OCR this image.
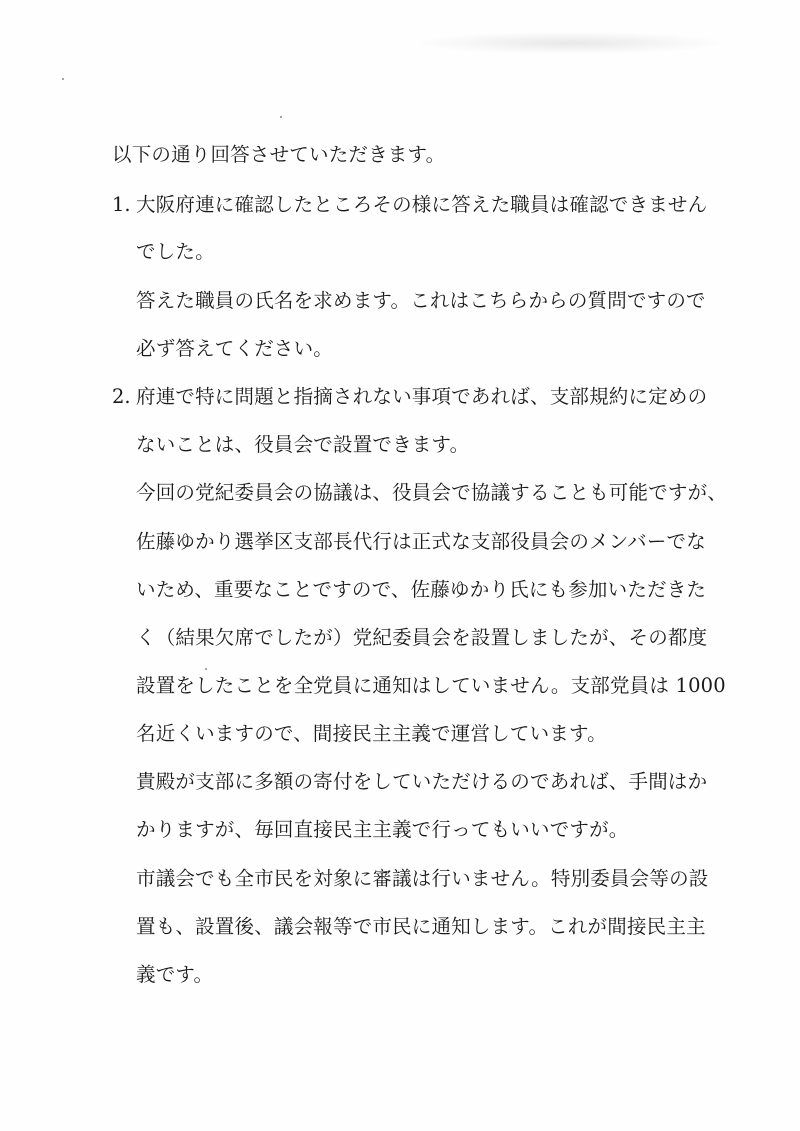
以下の通り回答させていただきます。
1. 大阪府連に確認したところその様に答えた職員は確認できません
でした。
答えた職員の氏名を求めます。これはこちらからの質問ですので
必ず答えてください。
2. 府連で特に問題と指摘されない事項であれば、支部規約に定めの
ないことは、役員会で設置できます。
今回の党紀委員会の協議は、役員会で協議することも可能ですが、
佐藤ゆかり選挙区支部長代行は正式な支部役員会のメンバーでな
いため、重要なことですので、佐藤ゆかり氏にも参加いただきた
く（結果欠席でしたが）党紀委員会を設置しましたが、その都度
設置をしたことを全党員に通知はしていません。支部党員は 1000
名近くいますので、間接民主主義で運営しています。
貴殿が支部に多額の寄付をしていただけるのであれば、手間はか
かりますが、毎回直接民主主義で行ってもいいですが。
市議会でも全市民を対象に審議は行いません。特別委員会等の設
置も、設置後、議会報等で市民に通知します。これが間接民主主
義です。
